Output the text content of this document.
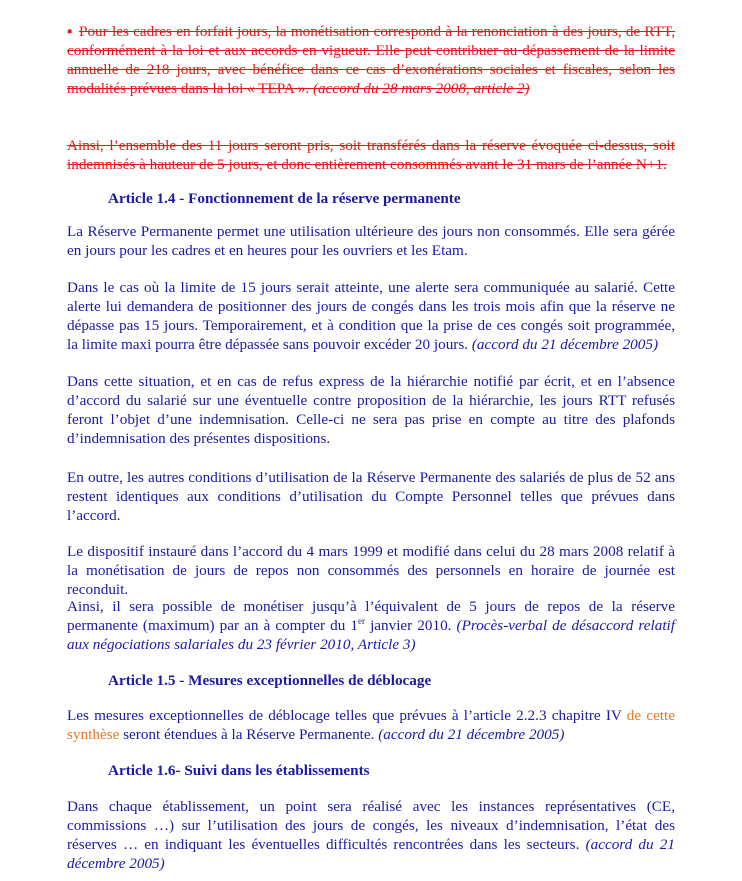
▪ Pour les cadres en forfait jours, la monétisation correspond à la renonciation à des jours, de RTT, conformément à la loi et aux accords en vigueur. Elle peut contribuer au dépassement de la limite annuelle de 218 jours, avec bénéfice dans ce cas d’exonérations sociales et fiscales, selon les modalités prévues dans la loi « TEPA ». (accord du 28 mars 2008, article 2)

Ainsi, l’ensemble des 11 jours seront pris, soit transférés dans la réserve évoquée ci-dessus, soit indemnisés à hauteur de 5 jours, et donc entièrement consommés avant le 31 mars de l’année N+1.

Article 1.4 - Fonctionnement de la réserve permanente

La Réserve Permanente permet une utilisation ultérieure des jours non consommés. Elle sera gérée en jours pour les cadres et en heures pour les ouvriers et les Etam.

Dans le cas où la limite de 15 jours serait atteinte, une alerte sera communiquée au salarié. Cette alerte lui demandera de positionner des jours de congés dans les trois mois afin que la réserve ne dépasse pas 15 jours. Temporairement, et à condition que la prise de ces congés soit programmée, la limite maxi pourra être dépassée sans pouvoir excéder 20 jours. (accord du 21 décembre 2005)

Dans cette situation, et en cas de refus express de la hiérarchie notifié par écrit, et en l’absence d’accord du salarié sur une éventuelle contre proposition de la hiérarchie, les jours RTT refusés feront l’objet d’une indemnisation. Celle-ci ne sera pas prise en compte au titre des plafonds d’indemnisation des présentes dispositions.

En outre, les autres conditions d’utilisation de la Réserve Permanente des salariés de plus de 52 ans restent identiques aux conditions d’utilisation du Compte Personnel telles que prévues dans l’accord.

Le dispositif instauré dans l’accord du 4 mars 1999 et modifié dans celui du 28 mars 2008 relatif à la monétisation de jours de repos non consommés des personnels en horaire de journée est reconduit.

Ainsi, il sera possible de monétiser jusqu’à l’équivalent de 5 jours de repos de la réserve permanente (maximum) par an à compter du 1er janvier 2010. (Procès-verbal de désaccord relatif aux négociations salariales du 23 février 2010, Article 3)

Article 1.5 - Mesures exceptionnelles de déblocage

Les mesures exceptionnelles de déblocage telles que prévues à l’article 2.2.3 chapitre IV de cette synthèse seront étendues à la Réserve Permanente. (accord du 21 décembre 2005)

Article 1.6- Suivi dans les établissements

Dans chaque établissement, un point sera réalisé avec les instances représentatives (CE, commissions …) sur l’utilisation des jours de congés, les niveaux d’indemnisation, l’état des réserves … en indiquant les éventuelles difficultés rencontrées dans les secteurs. (accord du 21 décembre 2005)
